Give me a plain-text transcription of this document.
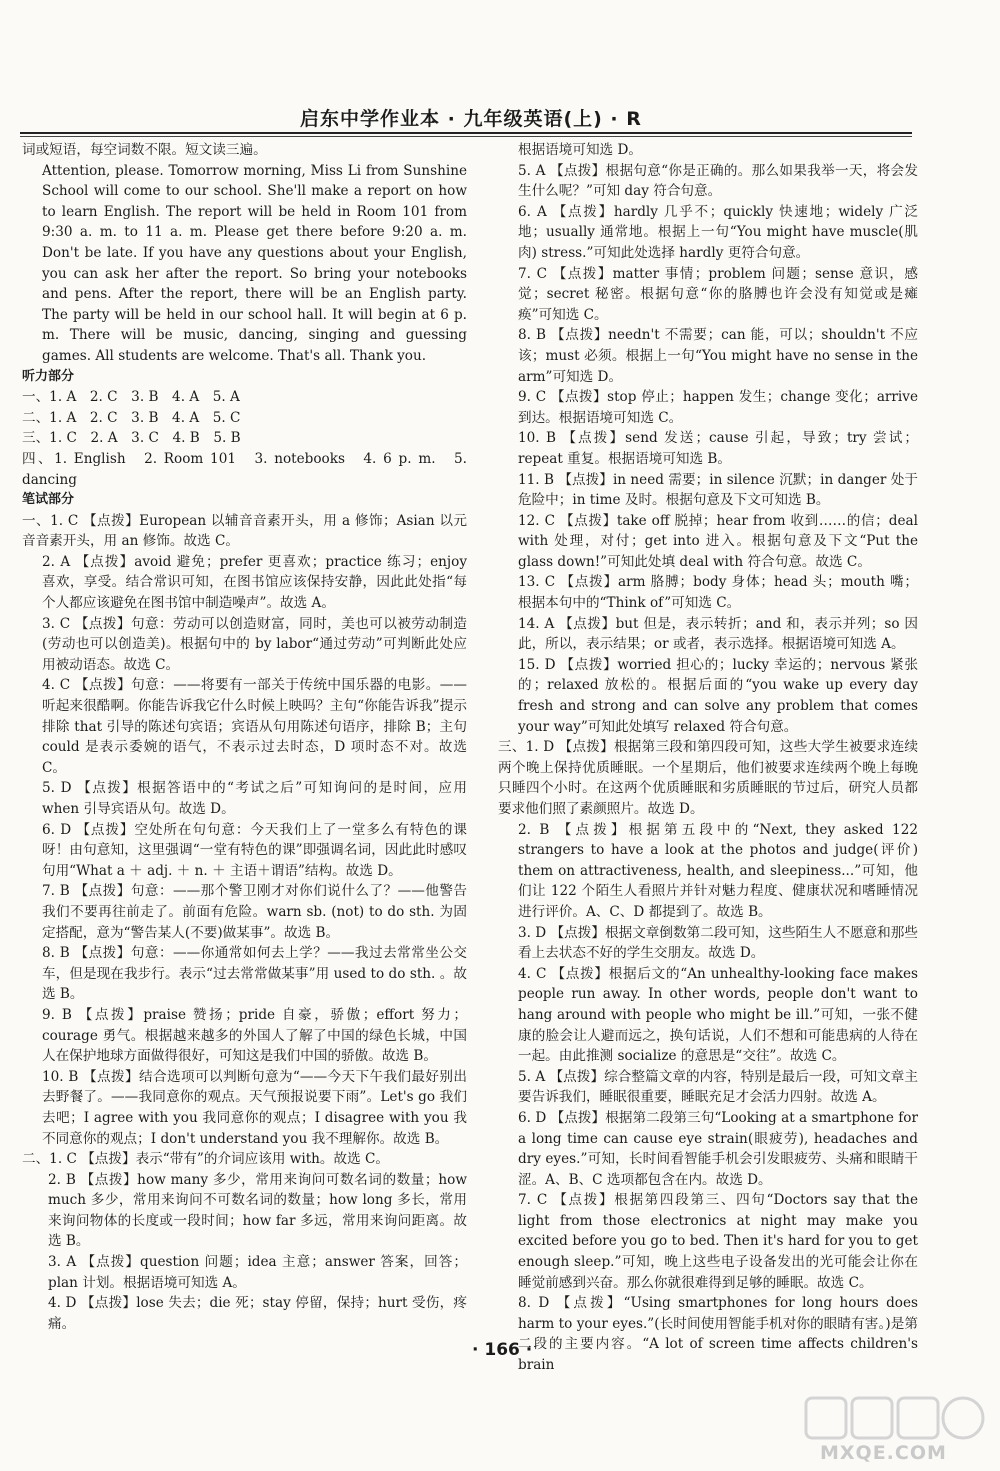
启东中学作业本 · 九年级英语(上) · R

词或短语，每空词数不限。短文读三遍。

Attention, please. Tomorrow morning, Miss Li from Sunshine School will come to our school. She'll make a report on how to learn English. The report will be held in Room 101 from 9:30 a. m. to 11 a. m. Please get there before 9:20 a. m. Don't be late. If you have any questions about your English, you can ask her after the report. So bring your notebooks and pens. After the report, there will be an English party. The party will be held in our school hall. It will begin at 6 p. m. There will be music, dancing, singing and guessing games. All students are welcome. That's all. Thank you.

听力部分

一、1. A　2. C　3. B　4. A　5. A

二、1. A　2. C　3. B　4. A　5. C

三、1. C　2. A　3. C　4. B　5. B

四、1. English　2. Room 101　3. notebooks　4. 6 p. m.　5. dancing

笔试部分

一、1. C 【点拨】European 以辅音音素开头，用 a 修饰；Asian 以元音音素开头，用 an 修饰。故选 C。

2. A 【点拨】avoid 避免；prefer 更喜欢；practice 练习；enjoy 喜欢，享受。结合常识可知，在图书馆应该保持安静，因此此处指“每个人都应该避免在图书馆中制造噪声”。故选 A。

3. C 【点拨】句意：劳动可以创造财富，同时，美也可以被劳动制造(劳动也可以创造美)。根据句中的 by labor“通过劳动”可判断此处应用被动语态。故选 C。

4. C 【点拨】句意：——将要有一部关于传统中国乐器的电影。——听起来很酷啊。你能告诉我它什么时候上映吗？主句“你能告诉我”提示排除 that 引导的陈述句宾语；宾语从句用陈述句语序，排除 B；主句 could 是表示委婉的语气，不表示过去时态，D 项时态不对。故选 C。

5. D 【点拨】根据答语中的“考试之后”可知询问的是时间，应用 when 引导宾语从句。故选 D。

6. D 【点拨】空处所在句句意：今天我们上了一堂多么有特色的课呀！由句意知，这里强调“一堂有特色的课”即强调名词，因此此时感叹句用“What a ＋ adj. ＋ n. ＋ 主语＋谓语”结构。故选 D。

7. B 【点拨】句意：——那个警卫刚才对你们说什么了？——他警告我们不要再往前走了。前面有危险。warn sb. (not) to do sth. 为固定搭配，意为“警告某人(不要)做某事”。故选 B。

8. B 【点拨】句意：——你通常如何去上学？——我过去常常坐公交车，但是现在我步行。表示“过去常常做某事”用 used to do sth. 。故选 B。

9. B 【点拨】praise 赞扬；pride 自豪，骄傲；effort 努力；courage 勇气。根据越来越多的外国人了解了中国的绿色长城，中国人在保护地球方面做得很好，可知这是我们中国的骄傲。故选 B。

10. B 【点拨】结合选项可以判断句意为“——今天下午我们最好别出去野餐了。——我同意你的观点。天气预报说要下雨”。Let's go 我们去吧；I agree with you 我同意你的观点；I disagree with you 我不同意你的观点；I don't understand you 我不理解你。故选 B。

二、1. C 【点拨】表示“带有”的介词应该用 with。故选 C。

2. B 【点拨】how many 多少，常用来询问可数名词的数量；how much 多少，常用来询问不可数名词的数量；how long 多长，常用来询问物体的长度或一段时间；how far 多远，常用来询问距离。故选 B。

3. A 【点拨】question 问题；idea 主意；answer 答案，回答；plan 计划。根据语境可知选 A。

4. D 【点拨】lose 失去；die 死；stay 停留，保持；hurt 受伤，疼痛。

根据语境可知选 D。

5. A 【点拨】根据句意“你是正确的。那么如果我举一天，将会发生什么呢？”可知 day 符合句意。

6. A 【点拨】hardly 几乎不；quickly 快速地；widely 广泛地；usually 通常地。根据上一句“You might have muscle(肌肉) stress.”可知此处选择 hardly 更符合句意。

7. C 【点拨】matter 事情；problem 问题；sense 意识，感觉；secret 秘密。根据句意“你的胳膊也许会没有知觉或是瘫痪”可知选 C。

8. B 【点拨】needn't 不需要；can 能，可以；shouldn't 不应该；must 必须。根据上一句“You might have no sense in the arm”可知选 D。

9. C 【点拨】stop 停止；happen 发生；change 变化；arrive 到达。根据语境可知选 C。

10. B 【点拨】send 发送；cause 引起，导致；try 尝试；repeat 重复。根据语境可知选 B。

11. B 【点拨】in need 需要；in silence 沉默；in danger 处于危险中；in time 及时。根据句意及下文可知选 B。

12. C 【点拨】take off 脱掉；hear from 收到……的信；deal with 处理，对付；get into 进入。根据句意及下文“Put the glass down!”可知此处填 deal with 符合句意。故选 C。

13. C 【点拨】arm 胳膊；body 身体；head 头；mouth 嘴；根据本句中的“Think of”可知选 C。

14. A 【点拨】but 但是，表示转折；and 和，表示并列；so 因此，所以，表示结果；or 或者，表示选择。根据语境可知选 A。

15. D 【点拨】worried 担心的；lucky 幸运的；nervous 紧张的；relaxed 放松的。根据后面的“you wake up every day fresh and strong and can solve any problem that comes your way”可知此处填写 relaxed 符合句意。

三、1. D 【点拨】根据第三段和第四段可知，这些大学生被要求连续两个晚上保持优质睡眠。一个星期后，他们被要求连续两个晚上每晚只睡四个小时。在这两个优质睡眠和劣质睡眠的节过后，研究人员都要求他们照了素颜照片。故选 D。

2. B 【点拨】根据第五段中的“Next, they asked 122 strangers to have a look at the photos and judge(评价) them on attractiveness, health, and sleepiness...”可知，他们让 122 个陌生人看照片并针对魅力程度、健康状况和嗜睡情况进行评价。A、C、D 都提到了。故选 B。

3. D 【点拨】根据文章倒数第二段可知，这些陌生人不愿意和那些看上去状态不好的学生交朋友。故选 D。

4. C 【点拨】根据后文的“An unhealthy-looking face makes people run away. In other words, people don't want to hang around with people who might be ill.”可知，一张不健康的脸会让人避而远之，换句话说，人们不想和可能患病的人待在一起。由此推测 socialize 的意思是“交往”。故选 C。

5. A 【点拨】综合整篇文章的内容，特别是最后一段，可知文章主要告诉我们，睡眠很重要，睡眠充足才会活力四射。故选 A。

6. D 【点拨】根据第二段第三句“Looking at a smartphone for a long time can cause eye strain(眼疲劳), headaches and dry eyes.”可知，长时间看智能手机会引发眼疲劳、头痛和眼睛干涩。A、B、C 选项都包含在内。故选 D。

7. C 【点拨】根据第四段第三、四句“Doctors say that the light from those electronics at night may make you excited before you go to bed. Then it's hard for you to get enough sleep.”可知，晚上这些电子设备发出的光可能会让你在睡觉前感到兴奋。那么你就很难得到足够的睡眠。故选 C。

8. D 【点拨】“Using smartphones for long hours does harm to your eyes.”(长时间使用智能手机对你的眼睛有害。)是第二段的主要内容。“A lot of screen time affects children's brain

· 166 ·
MXQE.COM
